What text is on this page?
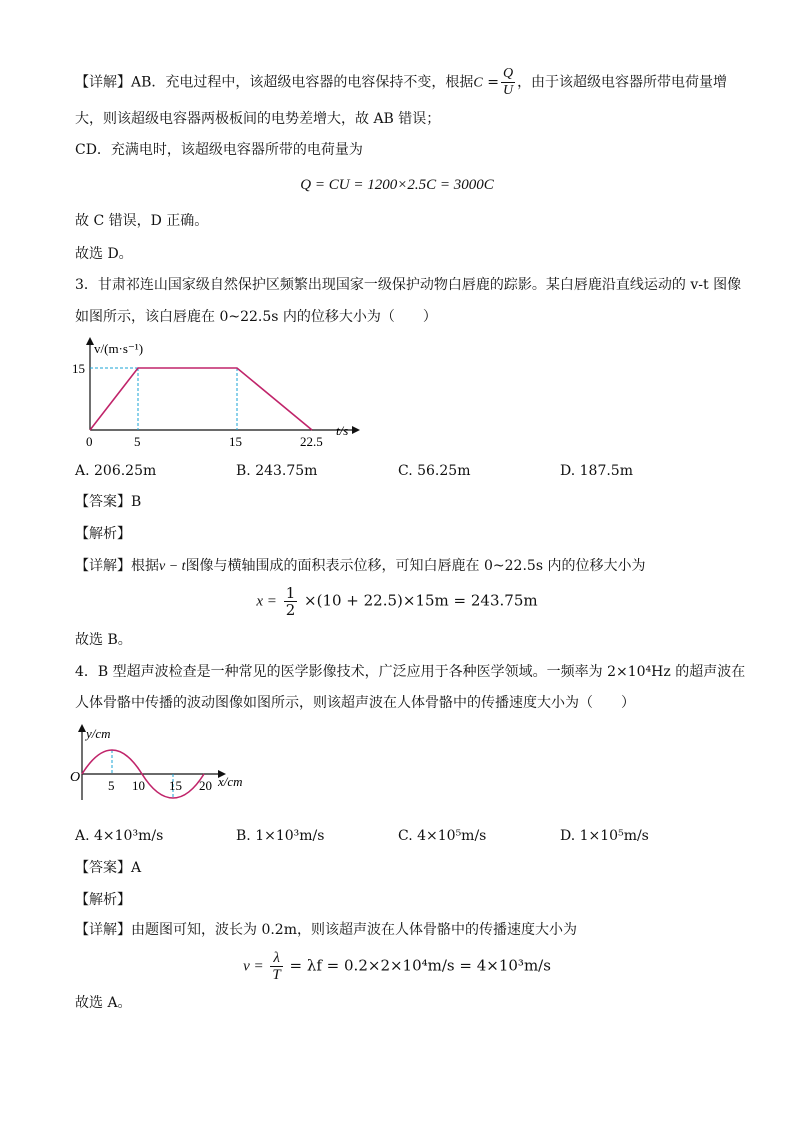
【详解】AB．充电过程中，该超级电容器的电容保持不变，根据$C = \frac{Q}{U}$ ，由于该超级电容器所带电荷量增
大，则该超级电容器两极板间的电势差增大，故 AB 错误；
CD．充满电时，该超级电容器所带的电荷量为
Q = CU = 1200×2.5C = 3000C
故 C 错误，D 正确。
故选 D。
3．甘肃祁连山国家级自然保护区频繁出现国家一级保护动物白唇鹿的踪影。某白唇鹿沿直线运动的 v-t 图像
如图所示，该白唇鹿在 0~22.5s 内的位移大小为（　　）
v/(m·s⁻¹)
15
0	5	15	22.5
t/s
A. 206.25m	B. 243.75m	C. 56.25m	D. 187.5m
【答案】B
【解析】
【详解】根据v − t图像与横轴围成的面积表示位移，可知白唇鹿在 0~22.5s 内的位移大小为
$x = \frac{1}{2} \times(10 + 22.5)\times 15m = 243.75m$
故选 B。
4．B 型超声波检查是一种常见的医学影像技术，广泛应用于各种医学领域。一频率为 2×10⁴Hz 的超声波在
人体骨骼中传播的波动图像如图所示，则该超声波在人体骨骼中的传播速度大小为（　　）
y/cm
O
5 10 15 20 x/cm
A. 4×10³m/s	B. 1×10³m/s	C. 4×10⁵m/s	D. 1×10⁵m/s
【答案】A
【解析】
【详解】由题图可知，波长为 0.2m，则该超声波在人体骨骼中的传播速度大小为
$v = \frac{\lambda}{T} = \lambda f = 0.2\times 2\times 10^4m/s = 4\times 10^3m/s$
故选 A。
